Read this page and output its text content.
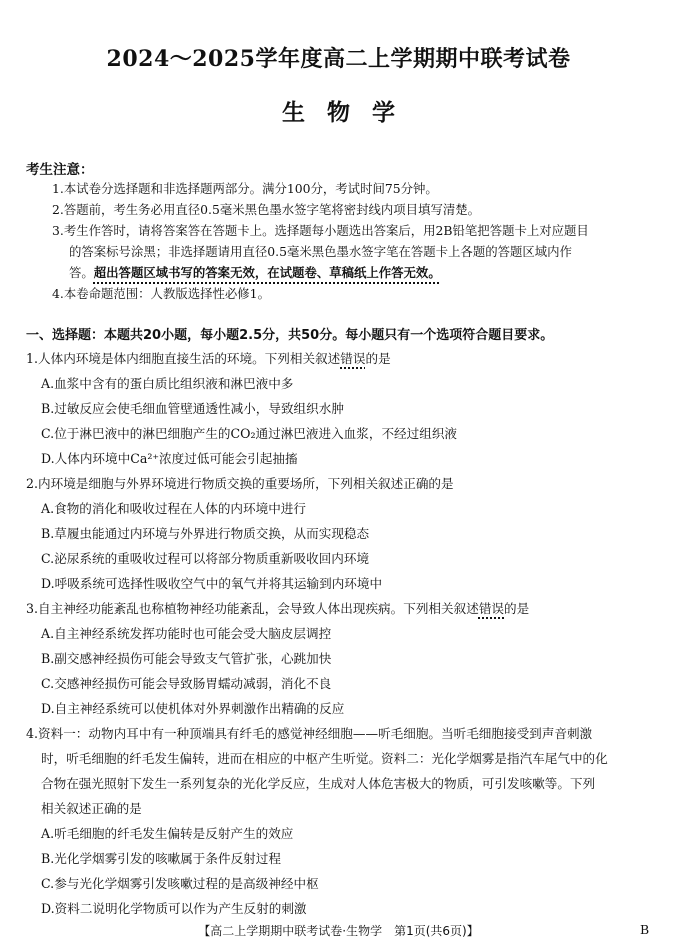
2024～2025学年度高二上学期期中联考试卷
生物学
考生注意：
1.本试卷分选择题和非选择题两部分。满分100分，考试时间75分钟。
2.答题前，考生务必用直径0.5毫米黑色墨水签字笔将密封线内项目填写清楚。
3.考生作答时，请将答案答在答题卡上。选择题每小题选出答案后，用2B铅笔把答题卡上对应题目
的答案标号涂黑；非选择题请用直径0.5毫米黑色墨水签字笔在答题卡上各题的答题区域内作
答。超出答题区域书写的答案无效，在试题卷、草稿纸上作答无效。
4.本卷命题范围：人教版选择性必修1。
一、选择题：本题共20小题，每小题2.5分，共50分。每小题只有一个选项符合题目要求。
1.人体内环境是体内细胞直接生活的环境。下列相关叙述错误的是
A.血浆中含有的蛋白质比组织液和淋巴液中多
B.过敏反应会使毛细血管壁通透性减小，导致组织水肿
C.位于淋巴液中的淋巴细胞产生的CO₂通过淋巴液进入血浆，不经过组织液
D.人体内环境中Ca²⁺浓度过低可能会引起抽搐
2.内环境是细胞与外界环境进行物质交换的重要场所，下列相关叙述正确的是
A.食物的消化和吸收过程在人体的内环境中进行
B.草履虫能通过内环境与外界进行物质交换，从而实现稳态
C.泌尿系统的重吸收过程可以将部分物质重新吸收回内环境
D.呼吸系统可选择性吸收空气中的氧气并将其运输到内环境中
3.自主神经功能紊乱也称植物神经功能紊乱，会导致人体出现疾病。下列相关叙述错误的是
A.自主神经系统发挥功能时也可能会受大脑皮层调控
B.副交感神经损伤可能会导致支气管扩张，心跳加快
C.交感神经损伤可能会导致肠胃蠕动减弱，消化不良
D.自主神经系统可以使机体对外界刺激作出精确的反应
4.资料一：动物内耳中有一种顶端具有纤毛的感觉神经细胞——听毛细胞。当听毛细胞接受到声音刺激
时，听毛细胞的纤毛发生偏转，进而在相应的中枢产生听觉。资料二：光化学烟雾是指汽车尾气中的化
合物在强光照射下发生一系列复杂的光化学反应，生成对人体危害极大的物质，可引发咳嗽等。下列
相关叙述正确的是
A.听毛细胞的纤毛发生偏转是反射产生的效应
B.光化学烟雾引发的咳嗽属于条件反射过程
C.参与光化学烟雾引发咳嗽过程的是高级神经中枢
D.资料二说明化学物质可以作为产生反射的刺激
【高二上学期期中联考试卷·生物学　第1页(共6页)】	B
